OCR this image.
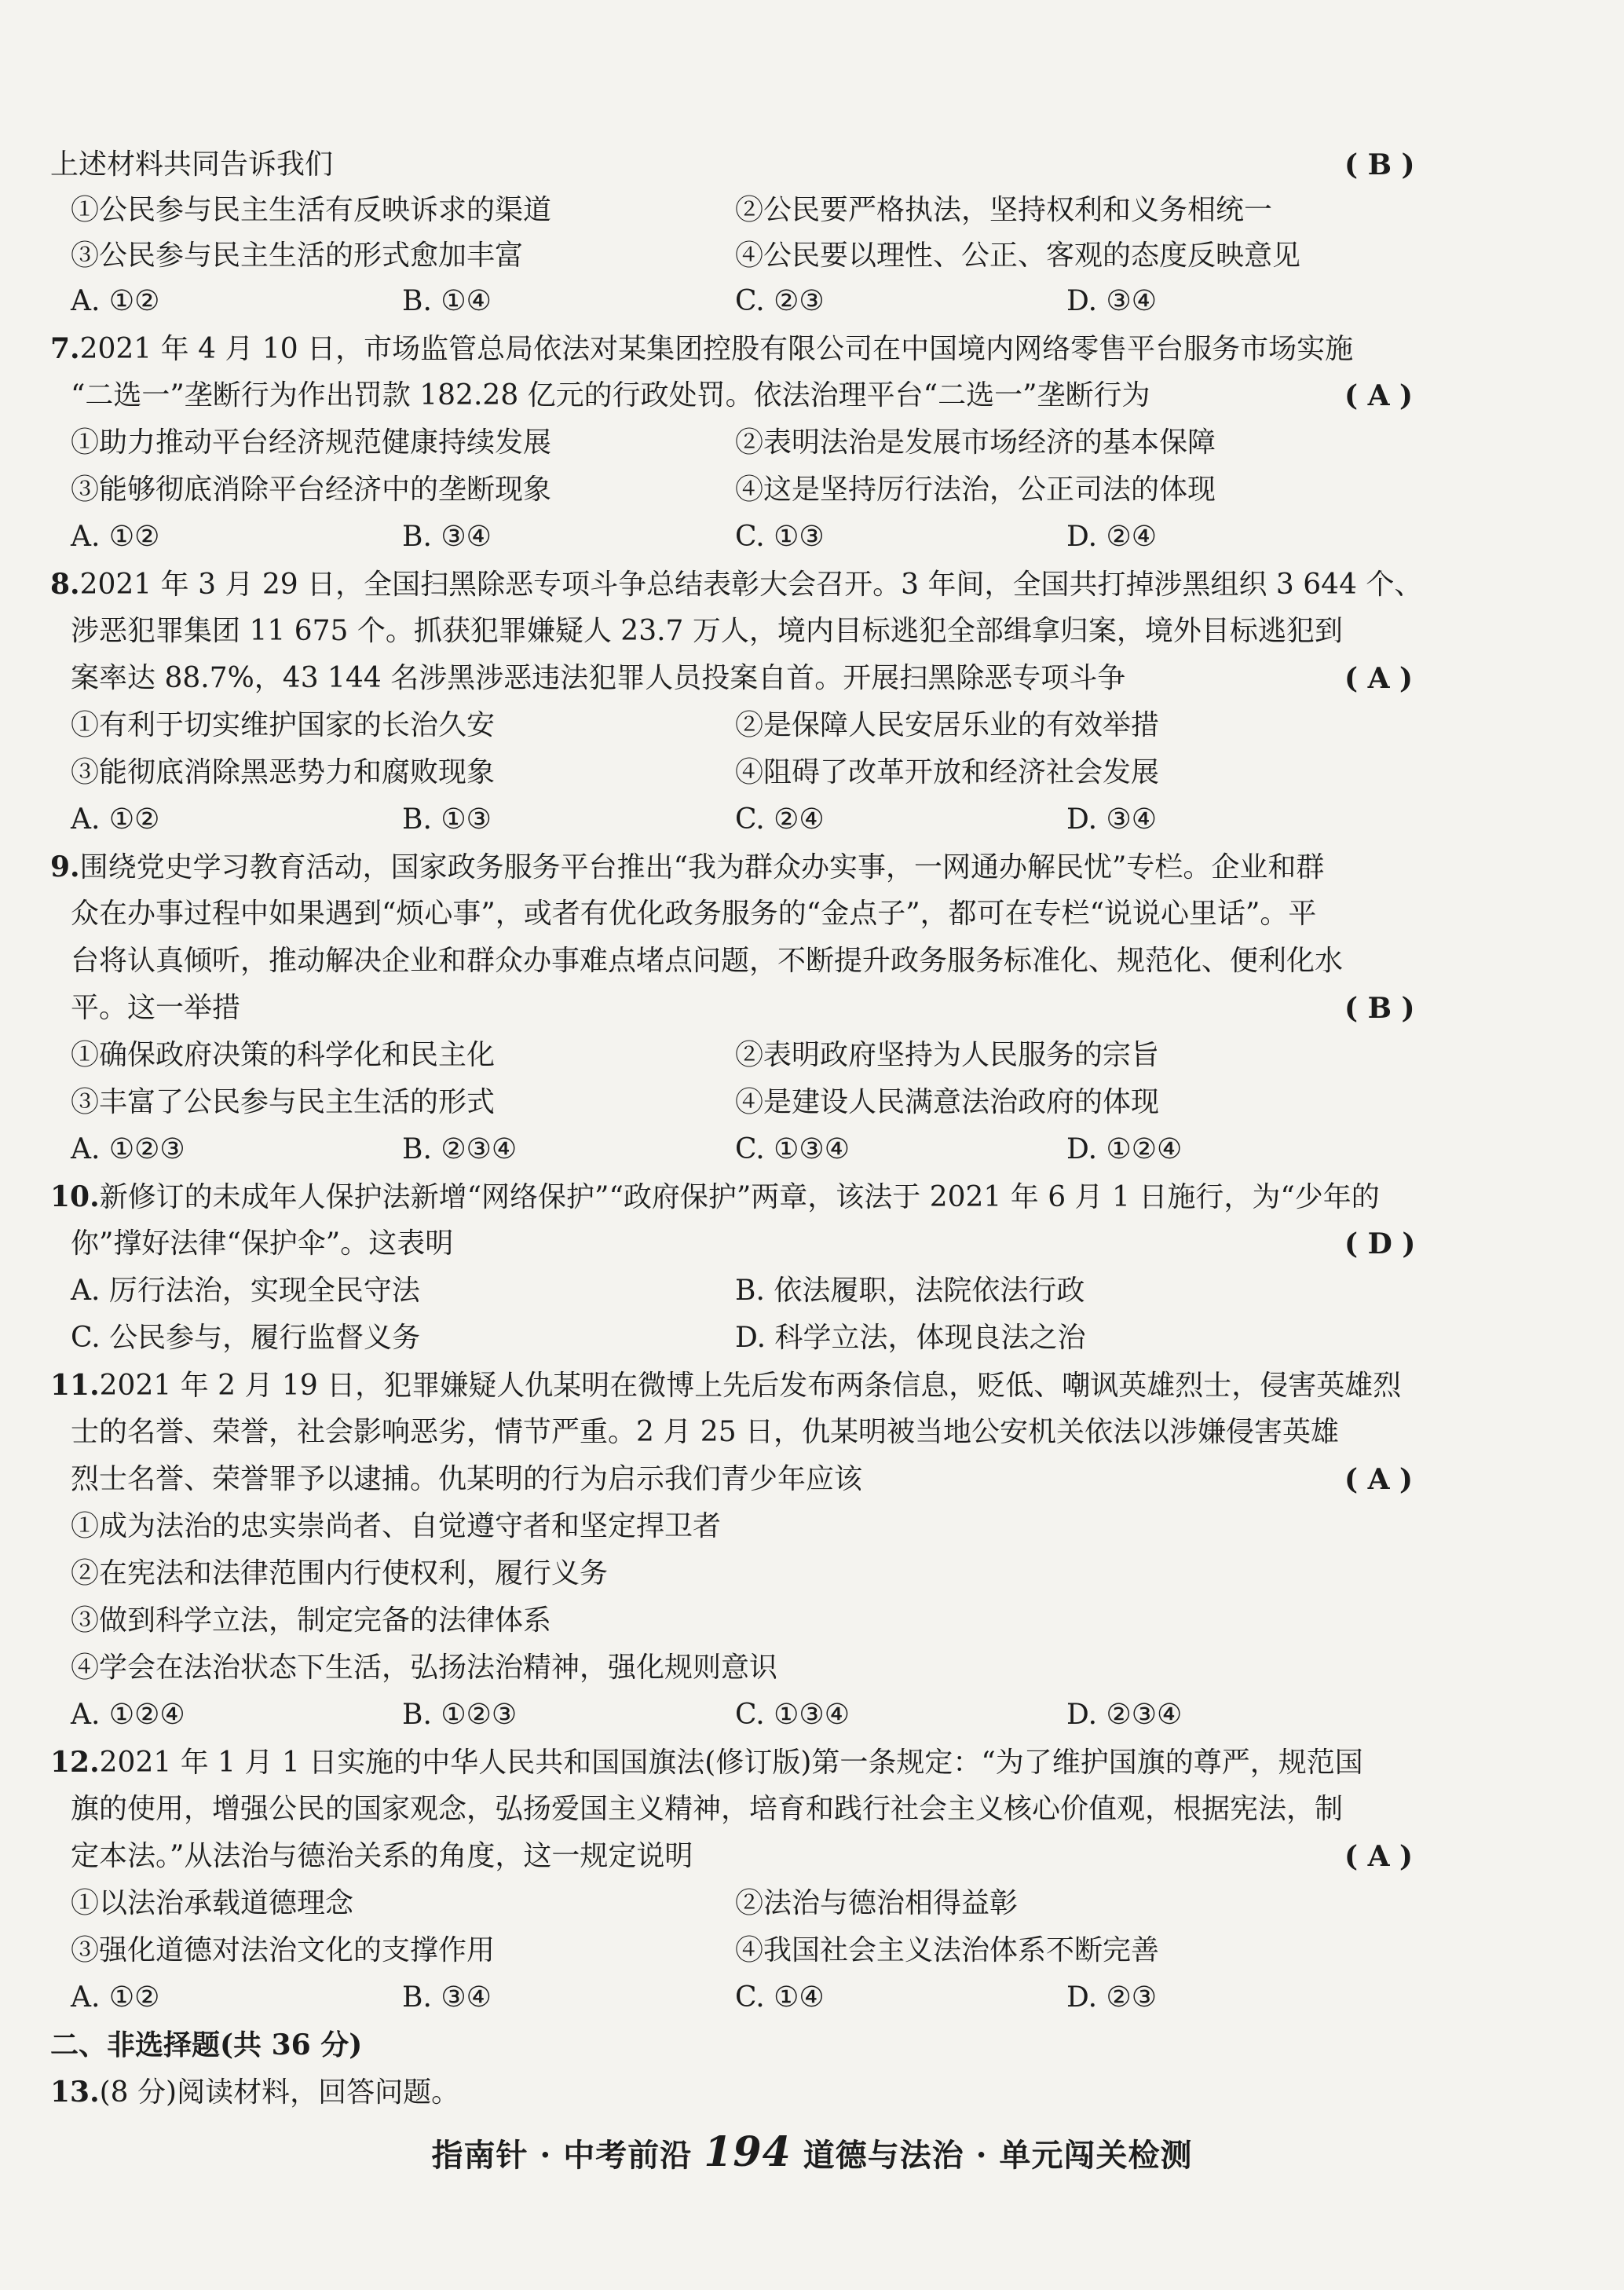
上述材料共同告诉我们	( B )
①公民参与民主生活有反映诉求的渠道	②公民要严格执法，坚持权利和义务相统一
③公民参与民主生活的形式愈加丰富	④公民要以理性、公正、客观的态度反映意见
A. ①②	B. ①④	C. ②③	D. ③④
7.2021 年 4 月 10 日，市场监管总局依法对某集团控股有限公司在中国境内网络零售平台服务市场实施
“二选一”垄断行为作出罚款 182.28 亿元的行政处罚。依法治理平台“二选一”垄断行为	( A )
①助力推动平台经济规范健康持续发展	②表明法治是发展市场经济的基本保障
③能够彻底消除平台经济中的垄断现象	④这是坚持厉行法治，公正司法的体现
A. ①②	B. ③④	C. ①③	D. ②④
8.2021 年 3 月 29 日，全国扫黑除恶专项斗争总结表彰大会召开。3 年间，全国共打掉涉黑组织 3 644 个、
涉恶犯罪集团 11 675 个。抓获犯罪嫌疑人 23.7 万人，境内目标逃犯全部缉拿归案，境外目标逃犯到
案率达 88.7%，43 144 名涉黑涉恶违法犯罪人员投案自首。开展扫黑除恶专项斗争	( A )
①有利于切实维护国家的长治久安	②是保障人民安居乐业的有效举措
③能彻底消除黑恶势力和腐败现象	④阻碍了改革开放和经济社会发展
A. ①②	B. ①③	C. ②④	D. ③④
9.围绕党史学习教育活动，国家政务服务平台推出“我为群众办实事，一网通办解民忧”专栏。企业和群
众在办事过程中如果遇到“烦心事”，或者有优化政务服务的“金点子”，都可在专栏“说说心里话”。平
台将认真倾听，推动解决企业和群众办事难点堵点问题，不断提升政务服务标准化、规范化、便利化水
平。这一举措	( B )
①确保政府决策的科学化和民主化	②表明政府坚持为人民服务的宗旨
③丰富了公民参与民主生活的形式	④是建设人民满意法治政府的体现
A. ①②③	B. ②③④	C. ①③④	D. ①②④
10.新修订的未成年人保护法新增“网络保护”“政府保护”两章，该法于 2021 年 6 月 1 日施行，为“少年的
你”撑好法律“保护伞”。这表明	( D )
A. 厉行法治，实现全民守法	B. 依法履职，法院依法行政
C. 公民参与，履行监督义务	D. 科学立法，体现良法之治
11.2021 年 2 月 19 日，犯罪嫌疑人仇某明在微博上先后发布两条信息，贬低、嘲讽英雄烈士，侵害英雄烈
士的名誉、荣誉，社会影响恶劣，情节严重。2 月 25 日，仇某明被当地公安机关依法以涉嫌侵害英雄
烈士名誉、荣誉罪予以逮捕。仇某明的行为启示我们青少年应该	( A )
①成为法治的忠实崇尚者、自觉遵守者和坚定捍卫者
②在宪法和法律范围内行使权利，履行义务
③做到科学立法，制定完备的法律体系
④学会在法治状态下生活，弘扬法治精神，强化规则意识
A. ①②④	B. ①②③	C. ①③④	D. ②③④
12.2021 年 1 月 1 日实施的中华人民共和国国旗法(修订版)第一条规定：“为了维护国旗的尊严，规范国
旗的使用，增强公民的国家观念，弘扬爱国主义精神，培育和践行社会主义核心价值观，根据宪法，制
定本法。”从法治与德治关系的角度，这一规定说明	( A )
①以法治承载道德理念	②法治与德治相得益彰
③强化道德对法治文化的支撑作用	④我国社会主义法治体系不断完善
A. ①②	B. ③④	C. ①④	D. ②③
二、非选择题(共 36 分)
13.(8 分)阅读材料，回答问题。
指南针 · 中考前沿 194 道德与法治 · 单元闯关检测
